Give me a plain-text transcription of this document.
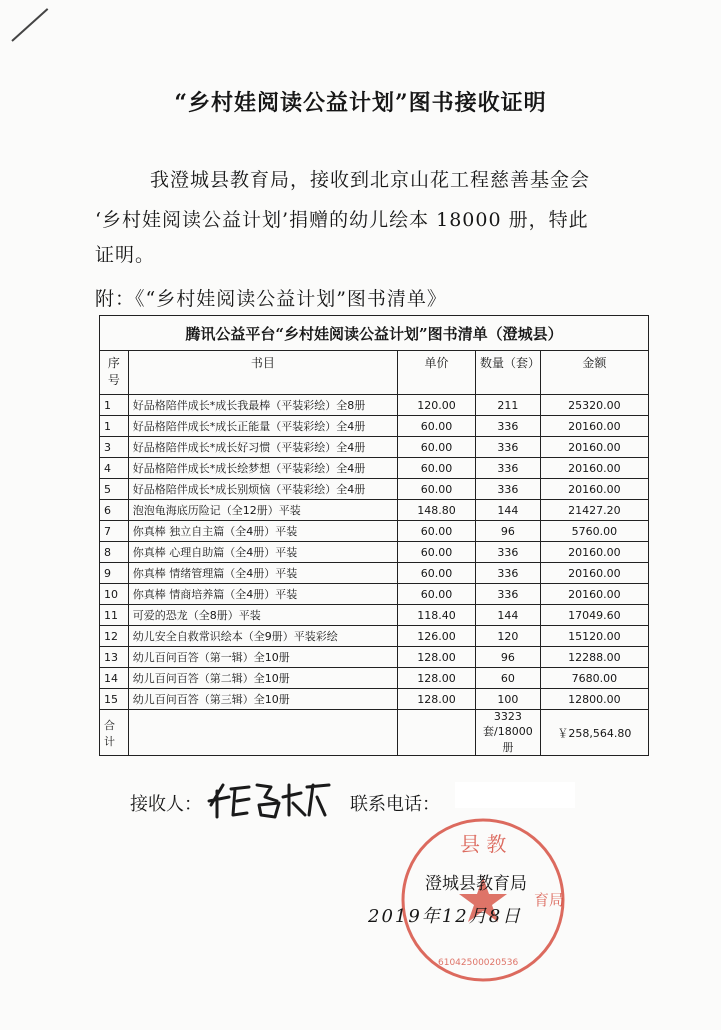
“乡村娃阅读公益计划”图书接收证明
我澄城县教育局，接收到北京山花工程慈善基金会
‘乡村娃阅读公益计划’捐赠的幼儿绘本 18000 册，特此
证明。
附：《“乡村娃阅读公益计划”图书清单》
腾讯公益平台“乡村娃阅读公益计划”图书清单（澄城县）				
序号	书目	单价	数量（套）	金额
1	好品格陪伴成长*成长我最棒（平装彩绘）全8册	120.00	211	25320.00
1	好品格陪伴成长*成长正能量（平装彩绘）全4册	60.00	336	20160.00
3	好品格陪伴成长*成长好习惯（平装彩绘）全4册	60.00	336	20160.00
4	好品格陪伴成长*成长绘梦想（平装彩绘）全4册	60.00	336	20160.00
5	好品格陪伴成长*成长别烦恼（平装彩绘）全4册	60.00	336	20160.00
6	泡泡龟海底历险记（全12册）平装	148.80	144	21427.20
7	你真棒 独立自主篇（全4册）平装	60.00	96	5760.00
8	你真棒 心理自助篇（全4册）平装	60.00	336	20160.00
9	你真棒 情绪管理篇（全4册）平装	60.00	336	20160.00
10	你真棒 情商培养篇（全4册）平装	60.00	336	20160.00
11	可爱的恐龙（全8册）平装	118.40	144	17049.60
12	幼儿安全自救常识绘本（全9册）平装彩绘	126.00	120	15120.00
13	幼儿百问百答（第一辑）全10册	128.00	96	12288.00
14	幼儿百问百答（第二辑）全10册	128.00	60	7680.00
15	幼儿百问百答（第三辑）全10册	128.00	100	12800.00
合计			3323套/18000册	￥258,564.80
接收人：	联系电话：
县 教
育局
61042500020536
澄城县教育局
2019年12月8日
